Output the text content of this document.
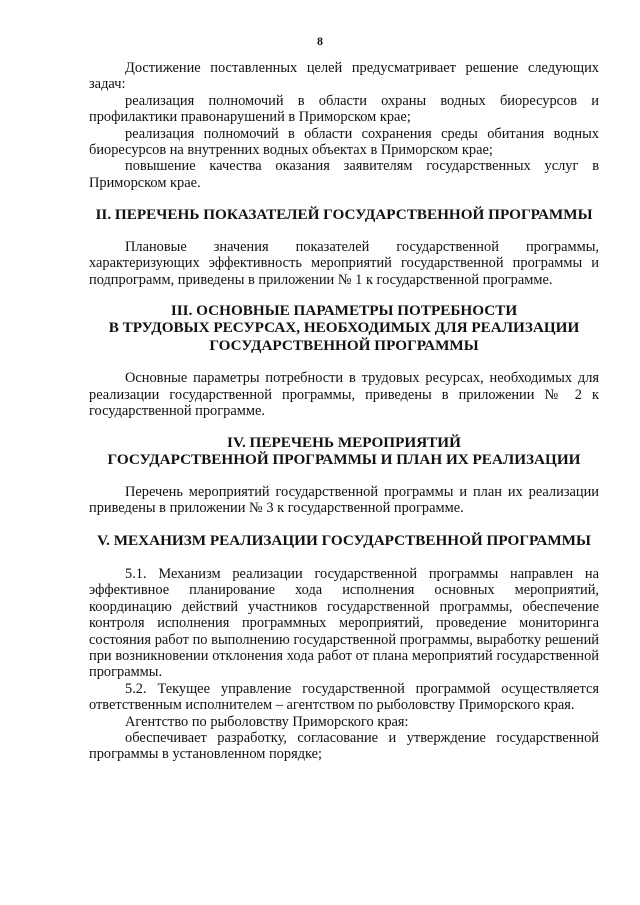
8

Достижение поставленных целей предусматривает решение следующих задач:

реализация полномочий в области охраны водных биоресурсов и профилактики правонарушений в Приморском крае;

реализация полномочий в области сохранения среды обитания водных биоресурсов на внутренних водных объектах в Приморском крае;

повышение качества оказания заявителям государственных услуг в Приморском крае.

II. ПЕРЕЧЕНЬ ПОКАЗАТЕЛЕЙ ГОСУДАРСТВЕННОЙ ПРОГРАММЫ

Плановые значения показателей государственной программы, характеризующих эффективность мероприятий государственной программы и подпрограмм, приведены в приложении № 1 к государственной программе.

III. ОСНОВНЫЕ ПАРАМЕТРЫ ПОТРЕБНОСТИ
В ТРУДОВЫХ РЕСУРСАХ, НЕОБХОДИМЫХ ДЛЯ РЕАЛИЗАЦИИ
ГОСУДАРСТВЕННОЙ ПРОГРАММЫ

Основные параметры потребности в трудовых ресурсах, необходимых для реализации государственной программы, приведены в приложении № 2 к государственной программе.

IV. ПЕРЕЧЕНЬ МЕРОПРИЯТИЙ
ГОСУДАРСТВЕННОЙ ПРОГРАММЫ И ПЛАН ИХ РЕАЛИЗАЦИИ

Перечень мероприятий государственной программы и план их реализации приведены в приложении № 3 к государственной программе.

V. МЕХАНИЗМ РЕАЛИЗАЦИИ ГОСУДАРСТВЕННОЙ ПРОГРАММЫ

5.1. Механизм реализации государственной программы направлен на эффективное планирование хода исполнения основных мероприятий, координацию действий участников государственной программы, обеспечение контроля исполнения программных мероприятий, проведение мониторинга состояния работ по выполнению государственной программы, выработку решений при возникновении отклонения хода работ от плана мероприятий государственной программы.

5.2. Текущее управление государственной программой осуществляется ответственным исполнителем – агентством по рыболовству Приморского края.

Агентство по рыболовству Приморского края:

обеспечивает разработку, согласование и утверждение государственной программы в установленном порядке;
